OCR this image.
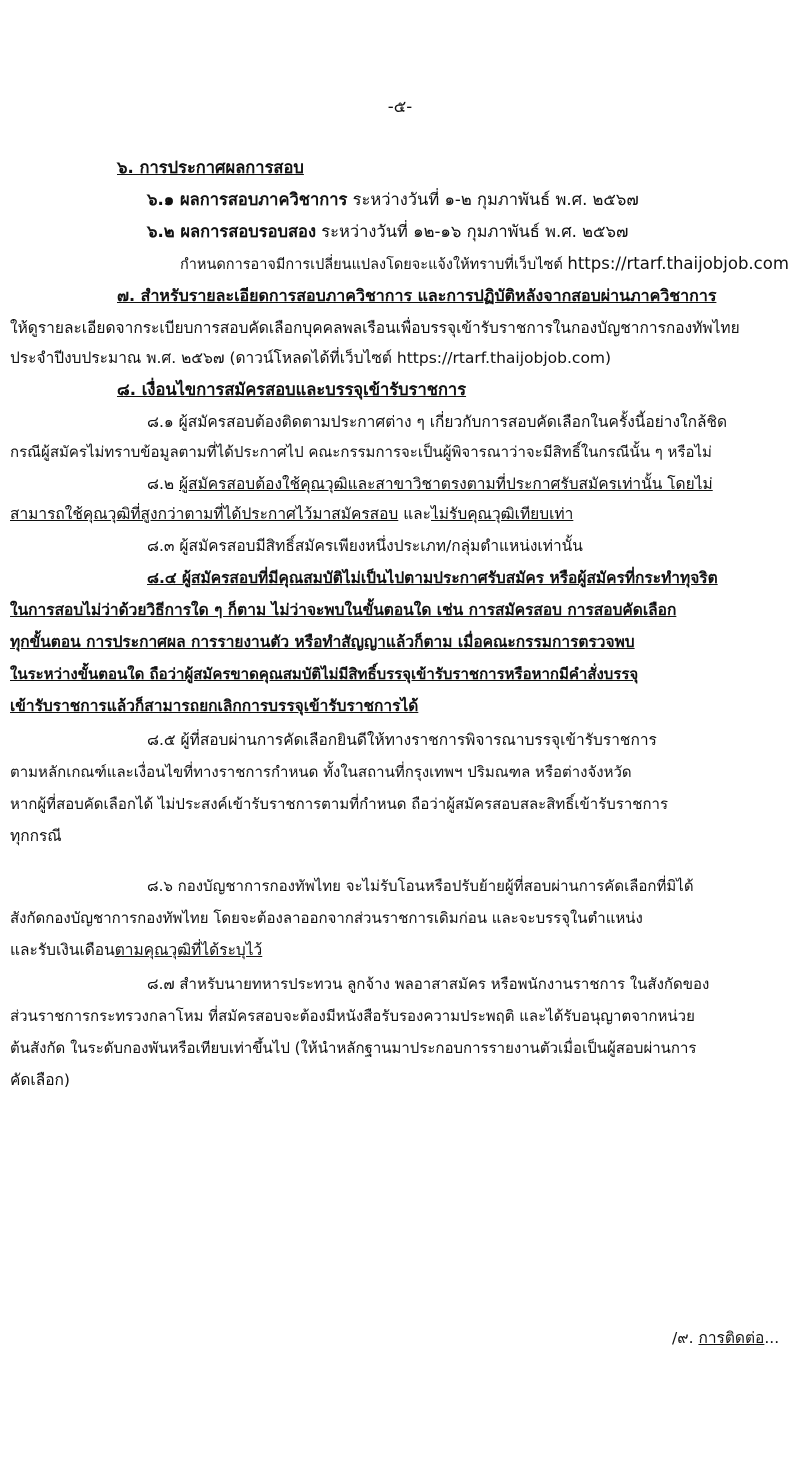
-๕-
๖. การประกาศผลการสอบ
๖.๑ ผลการสอบภาควิชาการ ระหว่างวันที่ ๑-๒ กุมภาพันธ์ พ.ศ. ๒๕๖๗
๖.๒ ผลการสอบรอบสอง ระหว่างวันที่ ๑๒-๑๖ กุมภาพันธ์ พ.ศ. ๒๕๖๗
กำหนดการอาจมีการเปลี่ยนแปลงโดยจะแจ้งให้ทราบที่เว็บไซต์ https://rtarf.thaijobjob.com
๗. สำหรับรายละเอียดการสอบภาควิชาการ และการปฏิบัติหลังจากสอบผ่านภาควิชาการ
ให้ดูรายละเอียดจากระเบียบการสอบคัดเลือกบุคคลพลเรือนเพื่อบรรจุเข้ารับราชการในกองบัญชาการกองทัพไทย
ประจำปีงบประมาณ พ.ศ. ๒๕๖๗ (ดาวน์โหลดได้ที่เว็บไซต์ https://rtarf.thaijobjob.com)
๘. เงื่อนไขการสมัครสอบและบรรจุเข้ารับราชการ
๘.๑ ผู้สมัครสอบต้องติดตามประกาศต่าง ๆ เกี่ยวกับการสอบคัดเลือกในครั้งนี้อย่างใกล้ชิด
กรณีผู้สมัครไม่ทราบข้อมูลตามที่ได้ประกาศไป คณะกรรมการจะเป็นผู้พิจารณาว่าจะมีสิทธิ์ในกรณีนั้น ๆ หรือไม่
๘.๒ ผู้สมัครสอบต้องใช้คุณวุฒิและสาขาวิชาตรงตามที่ประกาศรับสมัครเท่านั้น โดยไม่
สามารถใช้คุณวุฒิที่สูงกว่าตามที่ได้ประกาศไว้มาสมัครสอบ และไม่รับคุณวุฒิเทียบเท่า
๘.๓ ผู้สมัครสอบมีสิทธิ์สมัครเพียงหนึ่งประเภท/กลุ่มตำแหน่งเท่านั้น
๘.๔ ผู้สมัครสอบที่มีคุณสมบัติไม่เป็นไปตามประกาศรับสมัคร หรือผู้สมัครที่กระทำทุจริต
ในการสอบไม่ว่าด้วยวิธีการใด ๆ ก็ตาม ไม่ว่าจะพบในขั้นตอนใด เช่น การสมัครสอบ การสอบคัดเลือก
ทุกขั้นตอน การประกาศผล การรายงานตัว หรือทำสัญญาแล้วก็ตาม เมื่อคณะกรรมการตรวจพบ
ในระหว่างขั้นตอนใด ถือว่าผู้สมัครขาดคุณสมบัติไม่มีสิทธิ์บรรจุเข้ารับราชการหรือหากมีคำสั่งบรรจุ
เข้ารับราชการแล้วก็สามารถยกเลิกการบรรจุเข้ารับราชการได้
๘.๕ ผู้ที่สอบผ่านการคัดเลือกยินดีให้ทางราชการพิจารณาบรรจุเข้ารับราชการ
ตามหลักเกณฑ์และเงื่อนไขที่ทางราชการกำหนด ทั้งในสถานที่กรุงเทพฯ ปริมณฑล หรือต่างจังหวัด
หากผู้ที่สอบคัดเลือกได้ ไม่ประสงค์เข้ารับราชการตามที่กำหนด ถือว่าผู้สมัครสอบสละสิทธิ์เข้ารับราชการ
ทุกกรณี
๘.๖ กองบัญชาการกองทัพไทย จะไม่รับโอนหรือปรับย้ายผู้ที่สอบผ่านการคัดเลือกที่มิได้
สังกัดกองบัญชาการกองทัพไทย โดยจะต้องลาออกจากส่วนราชการเดิมก่อน และจะบรรจุในตำแหน่ง
และรับเงินเดือนตามคุณวุฒิที่ได้ระบุไว้
๘.๗ สำหรับนายทหารประทวน ลูกจ้าง พลอาสาสมัคร หรือพนักงานราชการ ในสังกัดของ
ส่วนราชการกระทรวงกลาโหม ที่สมัครสอบจะต้องมีหนังสือรับรองความประพฤติ และได้รับอนุญาตจากหน่วย
ต้นสังกัด ในระดับกองพันหรือเทียบเท่าขึ้นไป (ให้นำหลักฐานมาประกอบการรายงานตัวเมื่อเป็นผู้สอบผ่านการ
คัดเลือก)
/๙. การติดต่อ...
